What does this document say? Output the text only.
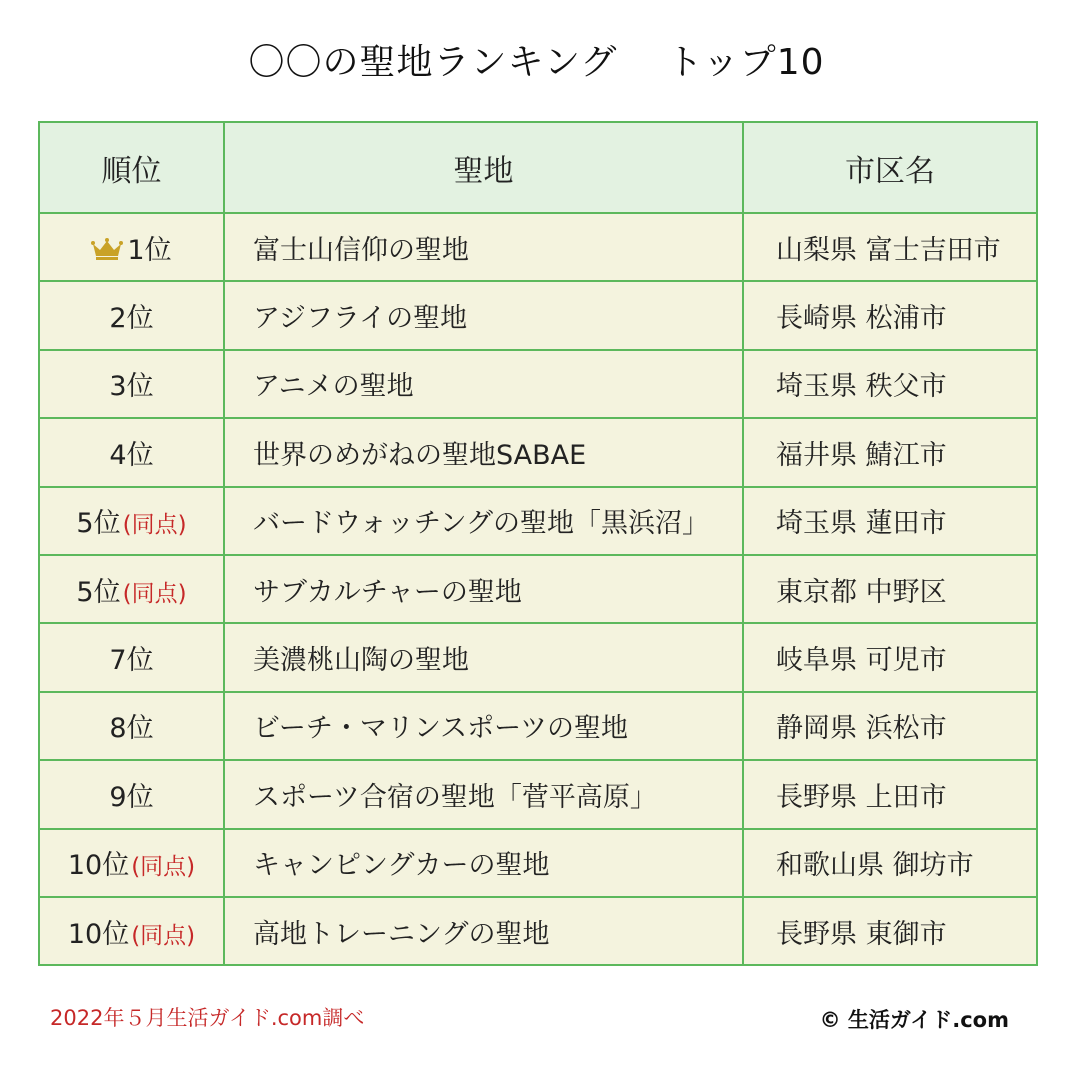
〇〇の聖地ランキング　 トップ10
順位	聖地	市区名
1位	富士山信仰の聖地	山梨県 富士吉田市
2位	アジフライの聖地	長崎県 松浦市
3位	アニメの聖地	埼玉県 秩父市
4位	世界のめがねの聖地SABAE	福井県 鯖江市
5位(同点)	バードウォッチングの聖地「黒浜沼」	埼玉県 蓮田市
5位(同点)	サブカルチャーの聖地	東京都 中野区
7位	美濃桃山陶の聖地	岐阜県 可児市
8位	ビーチ・マリンスポーツの聖地	静岡県 浜松市
9位	スポーツ合宿の聖地「菅平高原」	長野県 上田市
10位(同点)	キャンピングカーの聖地	和歌山県 御坊市
10位(同点)	高地トレーニングの聖地	長野県 東御市
2022年５月生活ガイド.com調べ	© 生活ガイド.com
